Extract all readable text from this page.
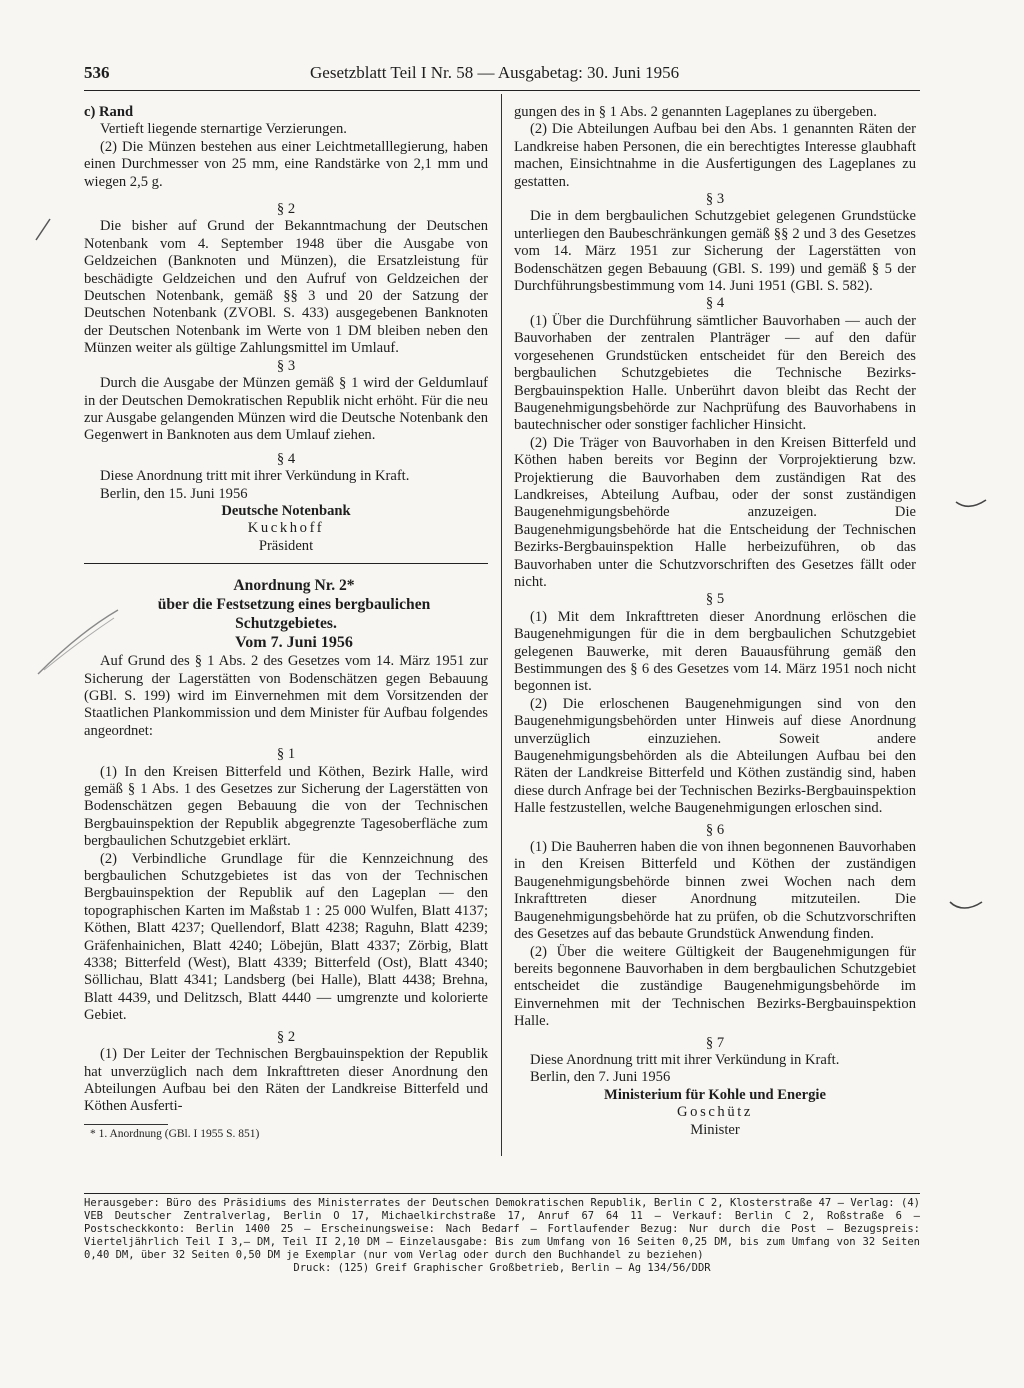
536	Gesetzblatt Teil I Nr. 58 — Ausgabetag: 30. Juni 1956

c) Rand

Vertieft liegende sternartige Verzierungen.

(2) Die Münzen bestehen aus einer Leichtmetalllegierung, haben einen Durchmesser von 25 mm, eine Randstärke von 2,1 mm und wiegen 2,5 g.

§ 2

Die bisher auf Grund der Bekanntmachung der Deutschen Notenbank vom 4. September 1948 über die Ausgabe von Geldzeichen (Banknoten und Münzen), die Ersatzleistung für beschädigte Geldzeichen und den Aufruf von Geldzeichen der Deutschen Notenbank, gemäß §§ 3 und 20 der Satzung der Deutschen Notenbank (ZVOBl. S. 433) ausgegebenen Banknoten der Deutschen Notenbank im Werte von 1 DM bleiben neben den Münzen weiter als gültige Zahlungsmittel im Umlauf.

§ 3

Durch die Ausgabe der Münzen gemäß § 1 wird der Geldumlauf in der Deutschen Demokratischen Republik nicht erhöht. Für die neu zur Ausgabe gelangenden Münzen wird die Deutsche Notenbank den Gegenwert in Banknoten aus dem Umlauf ziehen.

§ 4

Diese Anordnung tritt mit ihrer Verkündung in Kraft.

Berlin, den 15. Juni 1956

Deutsche Notenbank

Kuckhoff

Präsident

Anordnung Nr. 2*

über die Festsetzung eines bergbaulichen Schutzgebietes.

Vom 7. Juni 1956

Auf Grund des § 1 Abs. 2 des Gesetzes vom 14. März 1951 zur Sicherung der Lagerstätten von Bodenschätzen gegen Bebauung (GBl. S. 199) wird im Einvernehmen mit dem Vorsitzenden der Staatlichen Plankommission und dem Minister für Aufbau folgendes angeordnet:

§ 1

(1) In den Kreisen Bitterfeld und Köthen, Bezirk Halle, wird gemäß § 1 Abs. 1 des Gesetzes zur Sicherung der Lagerstätten von Bodenschätzen gegen Bebauung die von der Technischen Bergbauinspektion der Republik abgegrenzte Tagesoberfläche zum bergbaulichen Schutzgebiet erklärt.

(2) Verbindliche Grundlage für die Kennzeichnung des bergbaulichen Schutzgebietes ist das von der Technischen Bergbauinspektion der Republik auf den Lageplan — den topographischen Karten im Maßstab 1 : 25 000 Wulfen, Blatt 4137; Köthen, Blatt 4237; Quellendorf, Blatt 4238; Raguhn, Blatt 4239; Gräfenhainichen, Blatt 4240; Löbejün, Blatt 4337; Zörbig, Blatt 4338; Bitterfeld (West), Blatt 4339; Bitterfeld (Ost), Blatt 4340; Söllichau, Blatt 4341; Landsberg (bei Halle), Blatt 4438; Brehna, Blatt 4439, und Delitzsch, Blatt 4440 — umgrenzte und kolorierte Gebiet.

§ 2

(1) Der Leiter der Technischen Bergbauinspektion der Republik hat unverzüglich nach dem Inkrafttreten dieser Anordnung den Abteilungen Aufbau bei den Räten der Landkreise Bitterfeld und Köthen Ausferti-

* 1. Anordnung (GBl. I 1955 S. 851)

gungen des in § 1 Abs. 2 genannten Lageplanes zu übergeben.

(2) Die Abteilungen Aufbau bei den Abs. 1 genannten Räten der Landkreise haben Personen, die ein berechtigtes Interesse glaubhaft machen, Einsichtnahme in die Ausfertigungen des Lageplanes zu gestatten.

§ 3

Die in dem bergbaulichen Schutzgebiet gelegenen Grundstücke unterliegen den Baubeschränkungen gemäß §§ 2 und 3 des Gesetzes vom 14. März 1951 zur Sicherung der Lagerstätten von Bodenschätzen gegen Bebauung (GBl. S. 199) und gemäß § 5 der Durchführungsbestimmung vom 14. Juni 1951 (GBl. S. 582).

§ 4

(1) Über die Durchführung sämtlicher Bauvorhaben — auch der Bauvorhaben der zentralen Planträger — auf den dafür vorgesehenen Grundstücken entscheidet für den Bereich des bergbaulichen Schutzgebietes die Technische Bezirks-Bergbauinspektion Halle. Unberührt davon bleibt das Recht der Baugenehmigungsbehörde zur Nachprüfung des Bauvorhabens in bautechnischer oder sonstiger fachlicher Hinsicht.

(2) Die Träger von Bauvorhaben in den Kreisen Bitterfeld und Köthen haben bereits vor Beginn der Vorprojektierung bzw. Projektierung die Bauvorhaben dem zuständigen Rat des Landkreises, Abteilung Aufbau, oder der sonst zuständigen Baugenehmigungsbehörde anzuzeigen. Die Baugenehmigungsbehörde hat die Entscheidung der Technischen Bezirks-Bergbauinspektion Halle herbeizuführen, ob das Bauvorhaben unter die Schutzvorschriften des Gesetzes fällt oder nicht.

§ 5

(1) Mit dem Inkrafttreten dieser Anordnung erlöschen die Baugenehmigungen für die in dem bergbaulichen Schutzgebiet gelegenen Bauwerke, mit deren Bauausführung gemäß den Bestimmungen des § 6 des Gesetzes vom 14. März 1951 noch nicht begonnen ist.

(2) Die erloschenen Baugenehmigungen sind von den Baugenehmigungsbehörden unter Hinweis auf diese Anordnung unverzüglich einzuziehen. Soweit andere Baugenehmigungsbehörden als die Abteilungen Aufbau bei den Räten der Landkreise Bitterfeld und Köthen zuständig sind, haben diese durch Anfrage bei der Technischen Bezirks-Bergbauinspektion Halle festzustellen, welche Baugenehmigungen erloschen sind.

§ 6

(1) Die Bauherren haben die von ihnen begonnenen Bauvorhaben in den Kreisen Bitterfeld und Köthen der zuständigen Baugenehmigungsbehörde binnen zwei Wochen nach dem Inkrafttreten dieser Anordnung mitzuteilen. Die Baugenehmigungsbehörde hat zu prüfen, ob die Schutzvorschriften des Gesetzes auf das bebaute Grundstück Anwendung finden.

(2) Über die weitere Gültigkeit der Baugenehmigungen für bereits begonnene Bauvorhaben in dem bergbaulichen Schutzgebiet entscheidet die zuständige Baugenehmigungsbehörde im Einvernehmen mit der Technischen Bezirks-Bergbauinspektion Halle.

§ 7

Diese Anordnung tritt mit ihrer Verkündung in Kraft.

Berlin, den 7. Juni 1956

Ministerium für Kohle und Energie

Goschütz

Minister

Herausgeber: Büro des Präsidiums des Ministerrates der Deutschen Demokratischen Republik, Berlin C 2, Klosterstraße 47 — Verlag: (4) VEB Deutscher Zentralverlag, Berlin O 17, Michaelkirchstraße 17, Anruf 67 64 11 — Verkauf: Berlin C 2, Roßstraße 6 — Postscheckkonto: Berlin 1400 25 — Erscheinungsweise: Nach Bedarf — Fortlaufender Bezug: Nur durch die Post — Bezugspreis: Vierteljährlich Teil I 3,— DM, Teil II 2,10 DM — Einzelausgabe: Bis zum Umfang von 16 Seiten 0,25 DM, bis zum Umfang von 32 Seiten 0,40 DM, über 32 Seiten 0,50 DM je Exemplar (nur vom Verlag oder durch den Buchhandel zu beziehen)
Druck: (125) Greif Graphischer Großbetrieb, Berlin — Ag 134/56/DDR
